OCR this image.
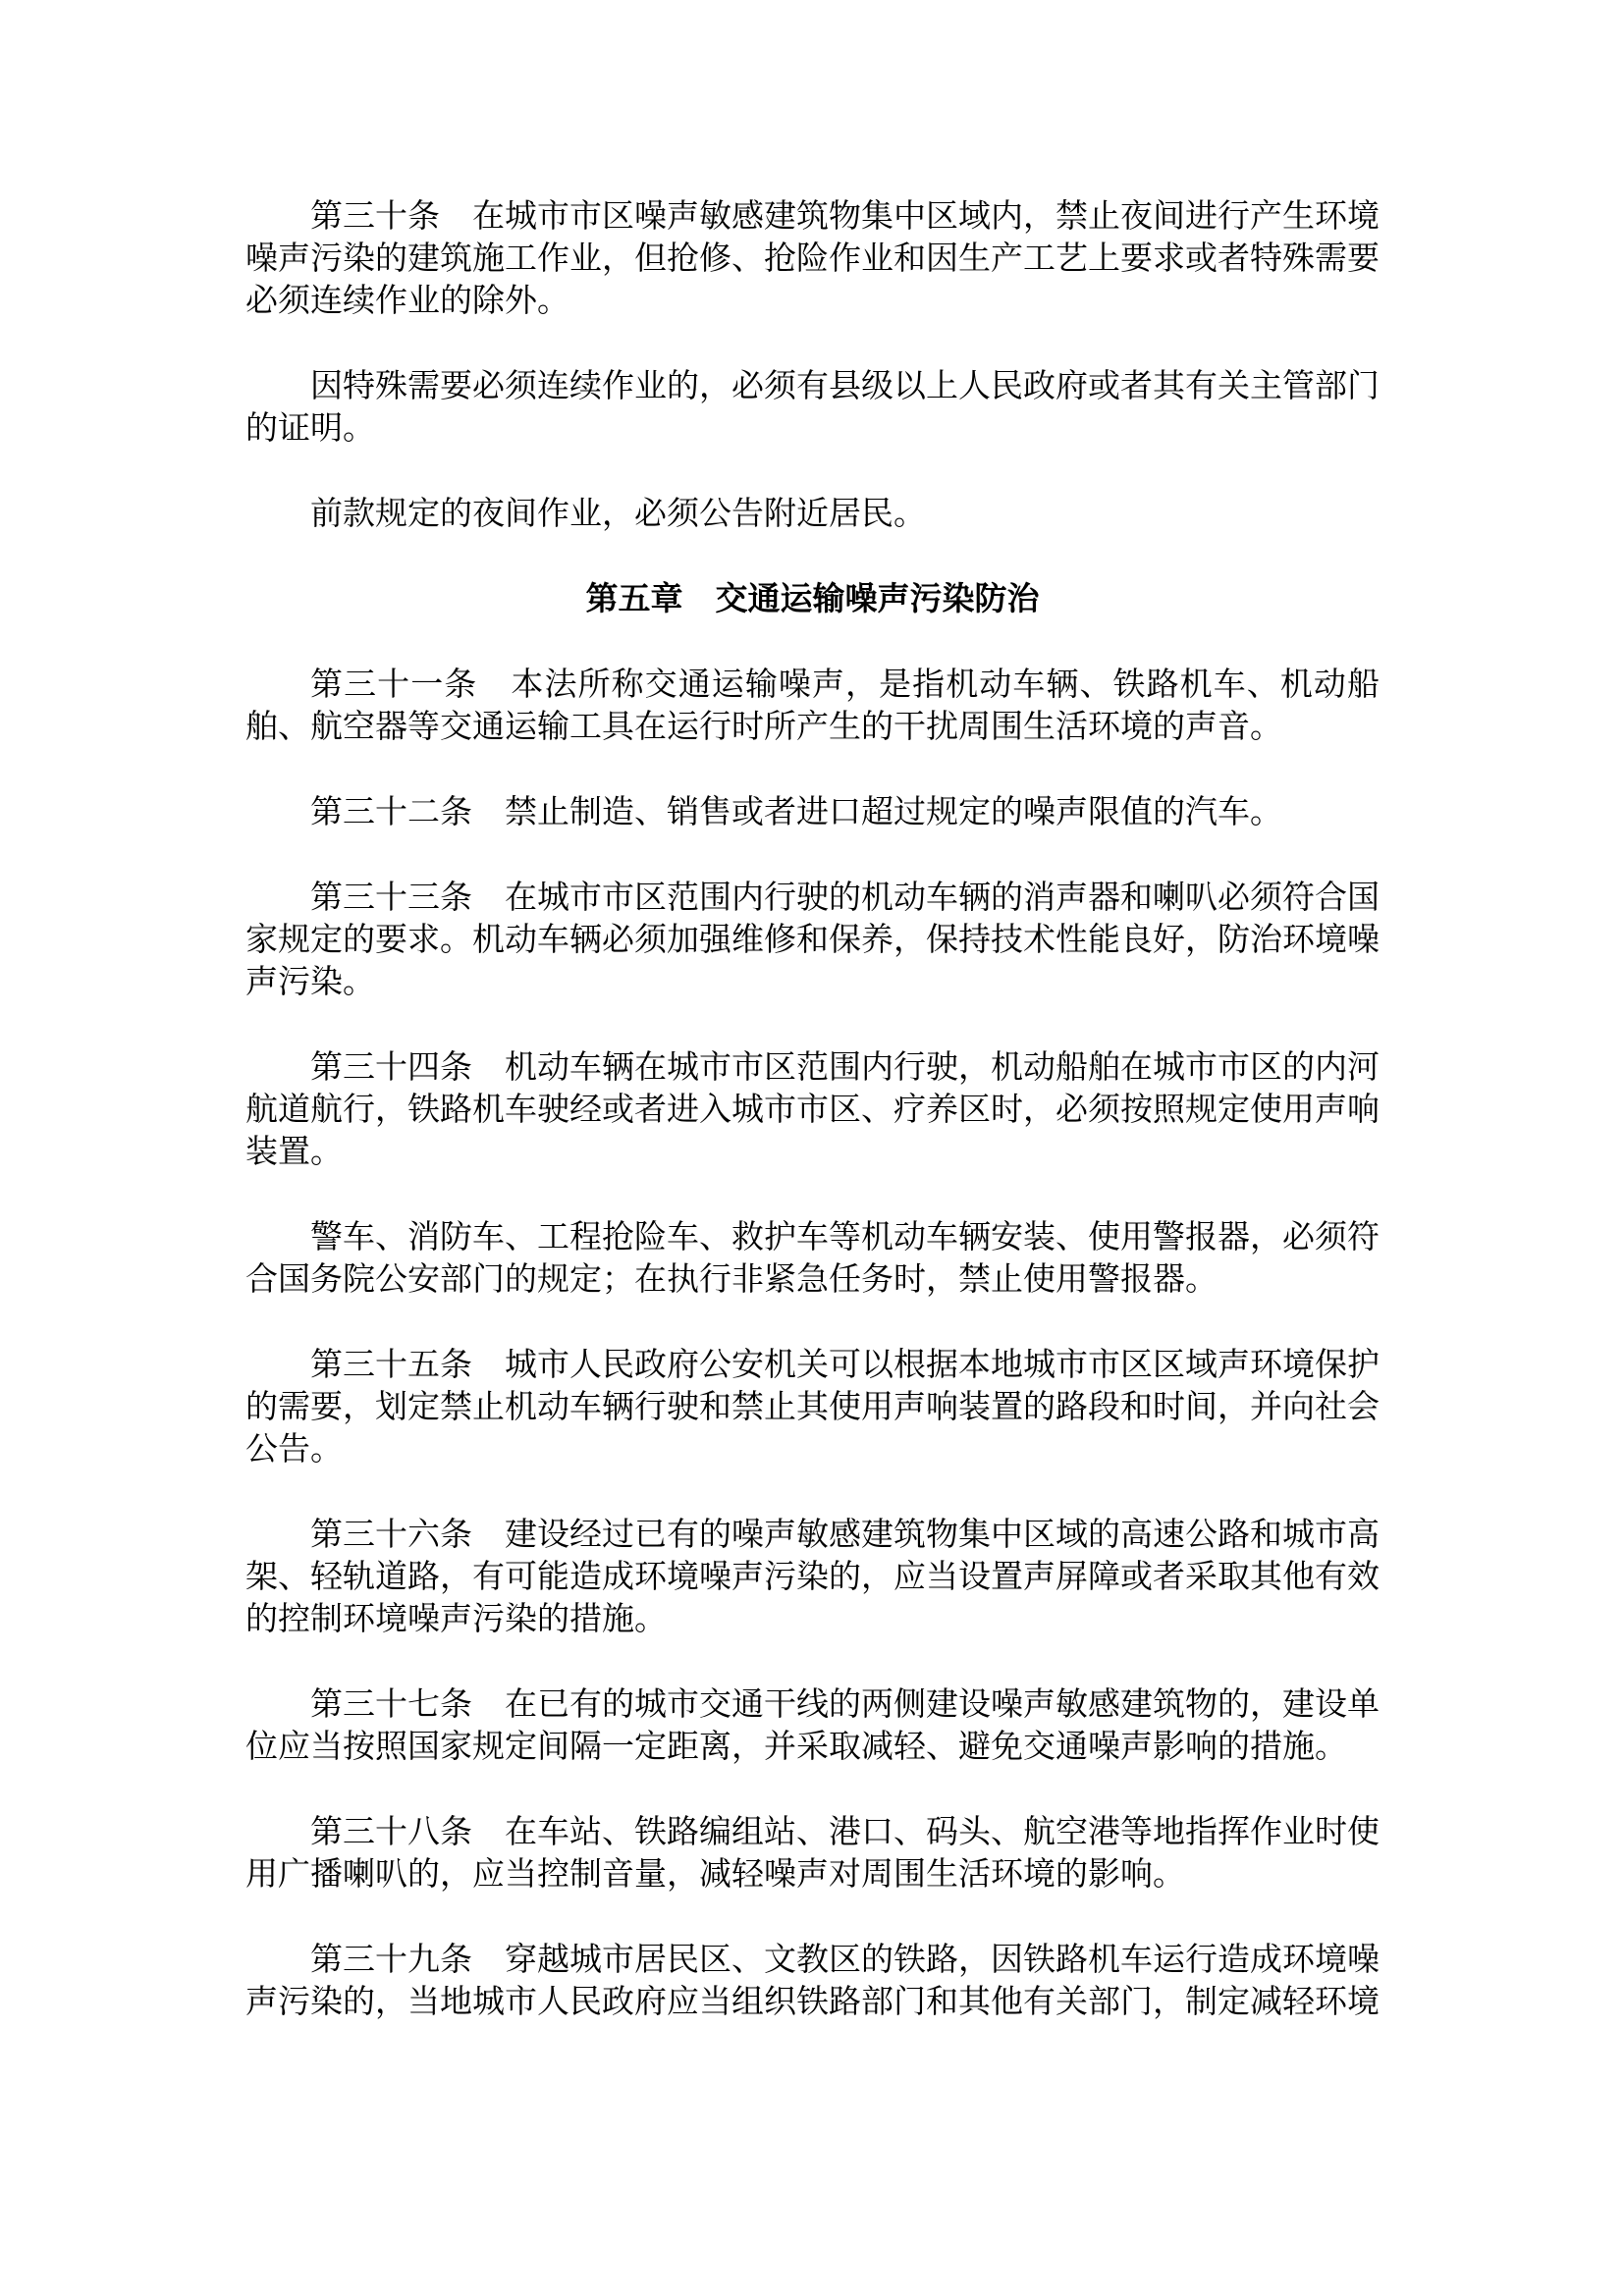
第三十条　在城市市区噪声敏感建筑物集中区域内，禁止夜间进行产生环境噪声污染的建筑施工作业，但抢修、抢险作业和因生产工艺上要求或者特殊需要必须连续作业的除外。

因特殊需要必须连续作业的，必须有县级以上人民政府或者其有关主管部门的证明。

前款规定的夜间作业，必须公告附近居民。

第五章　交通运输噪声污染防治

第三十一条　本法所称交通运输噪声，是指机动车辆、铁路机车、机动船舶、航空器等交通运输工具在运行时所产生的干扰周围生活环境的声音。

第三十二条　禁止制造、销售或者进口超过规定的噪声限值的汽车。

第三十三条　在城市市区范围内行驶的机动车辆的消声器和喇叭必须符合国家规定的要求。机动车辆必须加强维修和保养，保持技术性能良好，防治环境噪声污染。

第三十四条　机动车辆在城市市区范围内行驶，机动船舶在城市市区的内河航道航行，铁路机车驶经或者进入城市市区、疗养区时，必须按照规定使用声响装置。

警车、消防车、工程抢险车、救护车等机动车辆安装、使用警报器，必须符合国务院公安部门的规定；在执行非紧急任务时，禁止使用警报器。

第三十五条　城市人民政府公安机关可以根据本地城市市区区域声环境保护的需要，划定禁止机动车辆行驶和禁止其使用声响装置的路段和时间，并向社会公告。

第三十六条　建设经过已有的噪声敏感建筑物集中区域的高速公路和城市高架、轻轨道路，有可能造成环境噪声污染的，应当设置声屏障或者采取其他有效的控制环境噪声污染的措施。

第三十七条　在已有的城市交通干线的两侧建设噪声敏感建筑物的，建设单位应当按照国家规定间隔一定距离，并采取减轻、避免交通噪声影响的措施。

第三十八条　在车站、铁路编组站、港口、码头、航空港等地指挥作业时使用广播喇叭的，应当控制音量，减轻噪声对周围生活环境的影响。

第三十九条　穿越城市居民区、文教区的铁路，因铁路机车运行造成环境噪声污染的，当地城市人民政府应当组织铁路部门和其他有关部门，制定减轻环境
